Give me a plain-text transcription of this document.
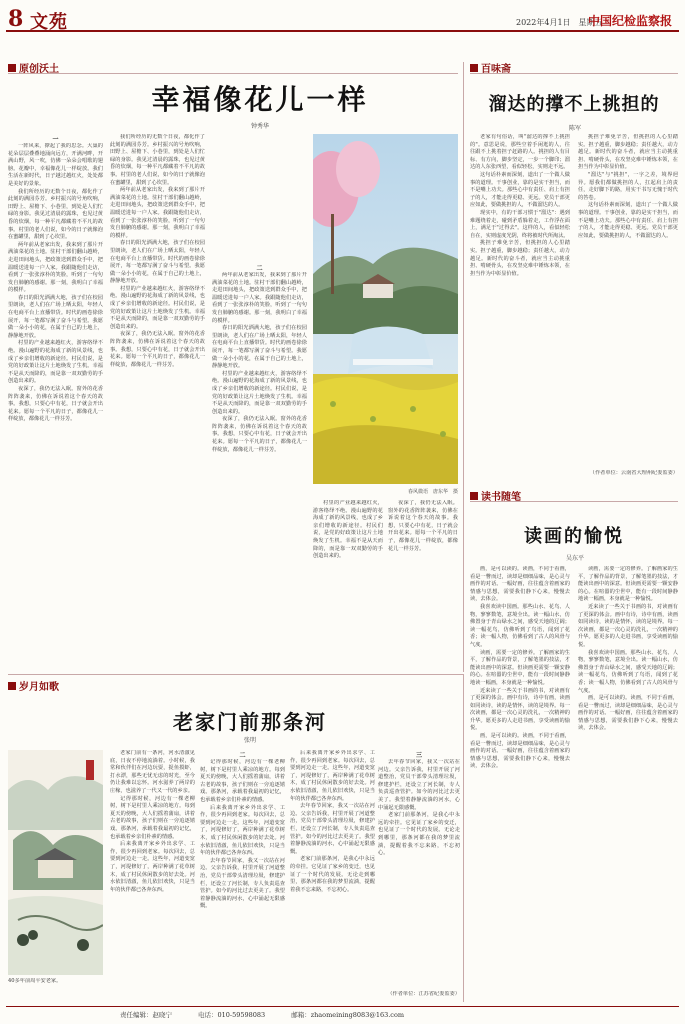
8 文苑	2022年4月1日　星期五
中国纪检监察报
原创沃土
幸福像花儿一样
钟秀华
一

一阵风来，撩起了我的思念。大巢的花朵层层叠叠地涌向远方，开满河畔，开满山野，风一吹，仿佛一朵朵会唱歌的翅膀。花瓣中，幸福像花儿一样绽放。我们生活在新时代，日子越过越红火，处处都是美好的景象。

我们所经历的无数个日夜，都化作了此刻的满园芬芳。乡村振兴的号角吹响，田野上、屋檐下、小巷里，到处是人们忙碌的身影。我见过清晨的露珠，也见过黄昏的炊烟，每一种平凡都藏着不平凡的故事。村里的老人们说，如今的日子就像泡在蜜罐里，甜到了心坎里。

两年前从老家出发，我来到了那片开满油菜花的土地。驻村干部们翻山越岭，走进田间地头，把政策送到群众手中，把温暖送进每一户人家。我跟随他们走访，看到了一张张淳朴的笑脸，听到了一句句发自肺腑的感谢。那一刻，我明白了幸福的模样。

春日的阳光洒满大地，孩子们在校园里朗读，老人们在广场上晒太阳，年轻人在电商平台上直播带货。时代的画卷徐徐展开，每一笔都写满了奋斗与希望。我愿做一朵小小的花，在属于自己的土地上，静静地开放。

村里的产业越来越红火，游客络绎不绝。漫山遍野的花海成了新的风景线，也成了乡亲们增收的新途径。村民们说，是党的好政策让这片土地焕发了生机。幸福不是从天而降的，而是靠一双双勤劳的手创造出来的。

夜深了，我仍无法入眠。窗外的花香阵阵袭来，仿佛在诉说着这个春天的故事。我想，只要心中有花，日子就会开出花来。愿每一个平凡的日子，都像花儿一样绽放，都像花儿一样芬芳。

我们所经历的无数个日夜，都化作了此刻的满园芬芳。乡村振兴的号角吹响，田野上、屋檐下、小巷里，到处是人们忙碌的身影。我见过清晨的露珠，也见过黄昏的炊烟，每一种平凡都藏着不平凡的故事。村里的老人们说，如今的日子就像泡在蜜罐里，甜到了心坎里。

两年前从老家出发，我来到了那片开满油菜花的土地。驻村干部们翻山越岭，走进田间地头，把政策送到群众手中，把温暖送进每一户人家。我跟随他们走访，看到了一张张淳朴的笑脸，听到了一句句发自肺腑的感谢。那一刻，我明白了幸福的模样。

春日的阳光洒满大地，孩子们在校园里朗读，老人们在广场上晒太阳，年轻人在电商平台上直播带货。时代的画卷徐徐展开，每一笔都写满了奋斗与希望。我愿做一朵小小的花，在属于自己的土地上，静静地开放。

村里的产业越来越红火，游客络绎不绝。漫山遍野的花海成了新的风景线，也成了乡亲们增收的新途径。村民们说，是党的好政策让这片土地焕发了生机。幸福不是从天而降的，而是靠一双双勤劳的手创造出来的。

夜深了，我仍无法入眠。窗外的花香阵阵袭来，仿佛在诉说着这个春天的故事。我想，只要心中有花，日子就会开出花来。愿每一个平凡的日子，都像花儿一样绽放，都像花儿一样芬芳。

二

两年前从老家出发，我来到了那片开满油菜花的土地。驻村干部们翻山越岭，走进田间地头，把政策送到群众手中，把温暖送进每一户人家。我跟随他们走访，看到了一张张淳朴的笑脸，听到了一句句发自肺腑的感谢。那一刻，我明白了幸福的模样。

春日的阳光洒满大地，孩子们在校园里朗读，老人们在广场上晒太阳，年轻人在电商平台上直播带货。时代的画卷徐徐展开，每一笔都写满了奋斗与希望。我愿做一朵小小的花，在属于自己的土地上，静静地开放。

村里的产业越来越红火，游客络绎不绝。漫山遍野的花海成了新的风景线，也成了乡亲们增收的新途径。村民们说，是党的好政策让这片土地焕发了生机。幸福不是从天而降的，而是靠一双双勤劳的手创造出来的。

夜深了，我仍无法入眠。窗外的花香阵阵袭来，仿佛在诉说着这个春天的故事。我想，只要心中有花，日子就会开出花来。愿每一个平凡的日子，都像花儿一样绽放，都像花儿一样芬芳。

春风微语　唐东华　摄

村里的产业越来越红火，游客络绎不绝。漫山遍野的花海成了新的风景线，也成了乡亲们增收的新途径。村民们说，是党的好政策让这片土地焕发了生机。幸福不是从天而降的，而是靠一双双勤劳的手创造出来的。

夜深了，我仍无法入眠。窗外的花香阵阵袭来，仿佛在诉说着这个春天的故事。我想，只要心中有花，日子就会开出花来。愿每一个平凡的日子，都像花儿一样绽放，都像花儿一样芬芳。

百味斋
溜达的撑不上挑担的
陈军

老家有句俗话，叫"溜达的撑不上挑担的"。意思是说，那些空着手闲逛的人，往往跟不上挑着担子赶路的人。挑担的人有目标、有方向，脚步坚定，一步一个脚印；溜达的人东张西望，看似轻松，实则走不远。

这句话朴素而深刻，道出了一个做人做事的道理。干事创业，靠的是实干担当，而不是嘴上功夫。那些心中有责任、肩上有担子的人，才能走得更稳、更远。党员干部更应如此，要做挑担的人，不做溜达的人。

现实中，有的干部习惯于"溜达"：遇到难题绕着走，碰到矛盾躲着走，工作浮在面上，满足于"过得去"。这样的人，看似轻松自在，实则虚度光阴，终将被时代所淘汰。

挑担子难免辛苦，但挑担的人心里踏实。担子越重，脚步越稳；责任越大，动力越足。新时代的奋斗者，就应当主动挑重担、啃硬骨头，在攻坚克难中锤炼本领，在担当作为中彰显价值。

挑担子难免辛苦，但挑担的人心里踏实。担子越重，脚步越稳；责任越大，动力越足。新时代的奋斗者，就应当主动挑重担、啃硬骨头，在攻坚克难中锤炼本领，在担当作为中彰显价值。

"溜达"与"挑担"，一字之差，境界迥异。愿我们都做挑担的人，扛起肩上的责任，走好脚下的路，用实干书写无愧于时代的答卷。

这句话朴素而深刻，道出了一个做人做事的道理。干事创业，靠的是实干担当，而不是嘴上功夫。那些心中有责任、肩上有担子的人，才能走得更稳、更远。党员干部更应如此，要做挑担的人，不做溜达的人。

（作者单位：云南省大理州纪委监委）
读书随笔
读画的愉悦
吴东平

画，是可以读的。读画，不同于看画，看是一瞥而过，读却是细细品味，是心灵与画作的对话。一幅好画，往往蕴含着画家的情感与思想，需要我们静下心来，慢慢去读，去体会。

我喜欢读中国画。那些山水、花鸟、人物，寥寥数笔，意境全出。读一幅山水，仿佛置身于青山绿水之间，感受天地的辽阔；读一幅花鸟，仿佛听到了鸟语，闻到了花香；读一幅人物，仿佛看到了古人的风骨与气度。

读画，需要一定的修养。了解画家的生平，了解作品的背景，了解笔墨的技法，才能读出画中的深意。但读画更需要一颗安静的心。在喧嚣的尘世中，能有一段时间静静地读一幅画，本身就是一种愉悦。

近来读了一些关于书画的书，对读画有了更深的体会。画中有诗，诗中有画，读画如同读诗，读的是情怀，读的是境界。每一次读画，都是一次心灵的洗礼，一次精神的升华。愿更多的人走进书画，享受读画的愉悦。

画，是可以读的。读画，不同于看画，看是一瞥而过，读却是细细品味，是心灵与画作的对话。一幅好画，往往蕴含着画家的情感与思想，需要我们静下心来，慢慢去读，去体会。

读画，需要一定的修养。了解画家的生平，了解作品的背景，了解笔墨的技法，才能读出画中的深意。但读画更需要一颗安静的心。在喧嚣的尘世中，能有一段时间静静地读一幅画，本身就是一种愉悦。

近来读了一些关于书画的书，对读画有了更深的体会。画中有诗，诗中有画，读画如同读诗，读的是情怀，读的是境界。每一次读画，都是一次心灵的洗礼，一次精神的升华。愿更多的人走进书画，享受读画的愉悦。

我喜欢读中国画。那些山水、花鸟、人物，寥寥数笔，意境全出。读一幅山水，仿佛置身于青山绿水之间，感受天地的辽阔；读一幅花鸟，仿佛听到了鸟语，闻到了花香；读一幅人物，仿佛看到了古人的风骨与气度。

画，是可以读的。读画，不同于看画，看是一瞥而过，读却是细细品味，是心灵与画作的对话。一幅好画，往往蕴含着画家的情感与思想，需要我们静下心来，慢慢去读，去体会。

岁月如歌
老家门前那条河
张明
40多年前周平安老家。

老家门前有一条河，河水清澈见底，日夜不停地流淌着。小时候，我常和伙伴们在河边玩耍，捉鱼摸虾，打水漂，那些无忧无虑的时光，至今仍让我难以忘怀。河水滋养了两岸的庄稼，也滋养了一代又一代的乡亲。

记得那时候，河边有一棵老柳树，树下是村里人乘凉的地方。每到夏天的傍晚，大人们摇着蒲扇，讲着古老的故事，孩子们则在一旁追逐嬉戏。那条河，承载着我最初的记忆，也承载着乡亲们朴素的情感。

后来我离开家乡外出求学、工作，很少再回到老家。每次回去，总要到河边走一走。这些年，河道变宽了，河堤修好了，两岸种满了花草树木，成了村民休闲散步的好去处。河水依旧清澈，鱼儿依旧欢快，只是当年的伙伴都已各奔东西。

二

记得那时候，河边有一棵老柳树，树下是村里人乘凉的地方。每到夏天的傍晚，大人们摇着蒲扇，讲着古老的故事，孩子们则在一旁追逐嬉戏。那条河，承载着我最初的记忆，也承载着乡亲们朴素的情感。

后来我离开家乡外出求学、工作，很少再回到老家。每次回去，总要到河边走一走。这些年，河道变宽了，河堤修好了，两岸种满了花草树木，成了村民休闲散步的好去处。河水依旧清澈，鱼儿依旧欢快，只是当年的伙伴都已各奔东西。

去年春节回家，我又一次站在河边。父亲告诉我，村里开展了河道整治，党员干部带头清理垃圾，修建护栏，还设立了河长制，专人负责巡查管护。如今的河比过去更美了。我望着静静流淌的河水，心中涌起无限感慨。

后来我离开家乡外出求学、工作，很少再回到老家。每次回去，总要到河边走一走。这些年，河道变宽了，河堤修好了，两岸种满了花草树木，成了村民休闲散步的好去处。河水依旧清澈，鱼儿依旧欢快，只是当年的伙伴都已各奔东西。

去年春节回家，我又一次站在河边。父亲告诉我，村里开展了河道整治，党员干部带头清理垃圾，修建护栏，还设立了河长制，专人负责巡查管护。如今的河比过去更美了。我望着静静流淌的河水，心中涌起无限感慨。

老家门前那条河，是我心中永远的牵挂。它见证了家乡的变迁，也见证了一个时代的发展。无论走到哪里，那条河都在我的梦里流淌，提醒着我不忘来路，不忘初心。

三

去年春节回家，我又一次站在河边。父亲告诉我，村里开展了河道整治，党员干部带头清理垃圾，修建护栏，还设立了河长制，专人负责巡查管护。如今的河比过去更美了。我望着静静流淌的河水，心中涌起无限感慨。

老家门前那条河，是我心中永远的牵挂。它见证了家乡的变迁，也见证了一个时代的发展。无论走到哪里，那条河都在我的梦里流淌，提醒着我不忘来路，不忘初心。

（作者单位：江苏省纪委监委）
责任编辑：赵晓宁	电话：010-59598083	邮箱：zhaomeining8083@163.com
